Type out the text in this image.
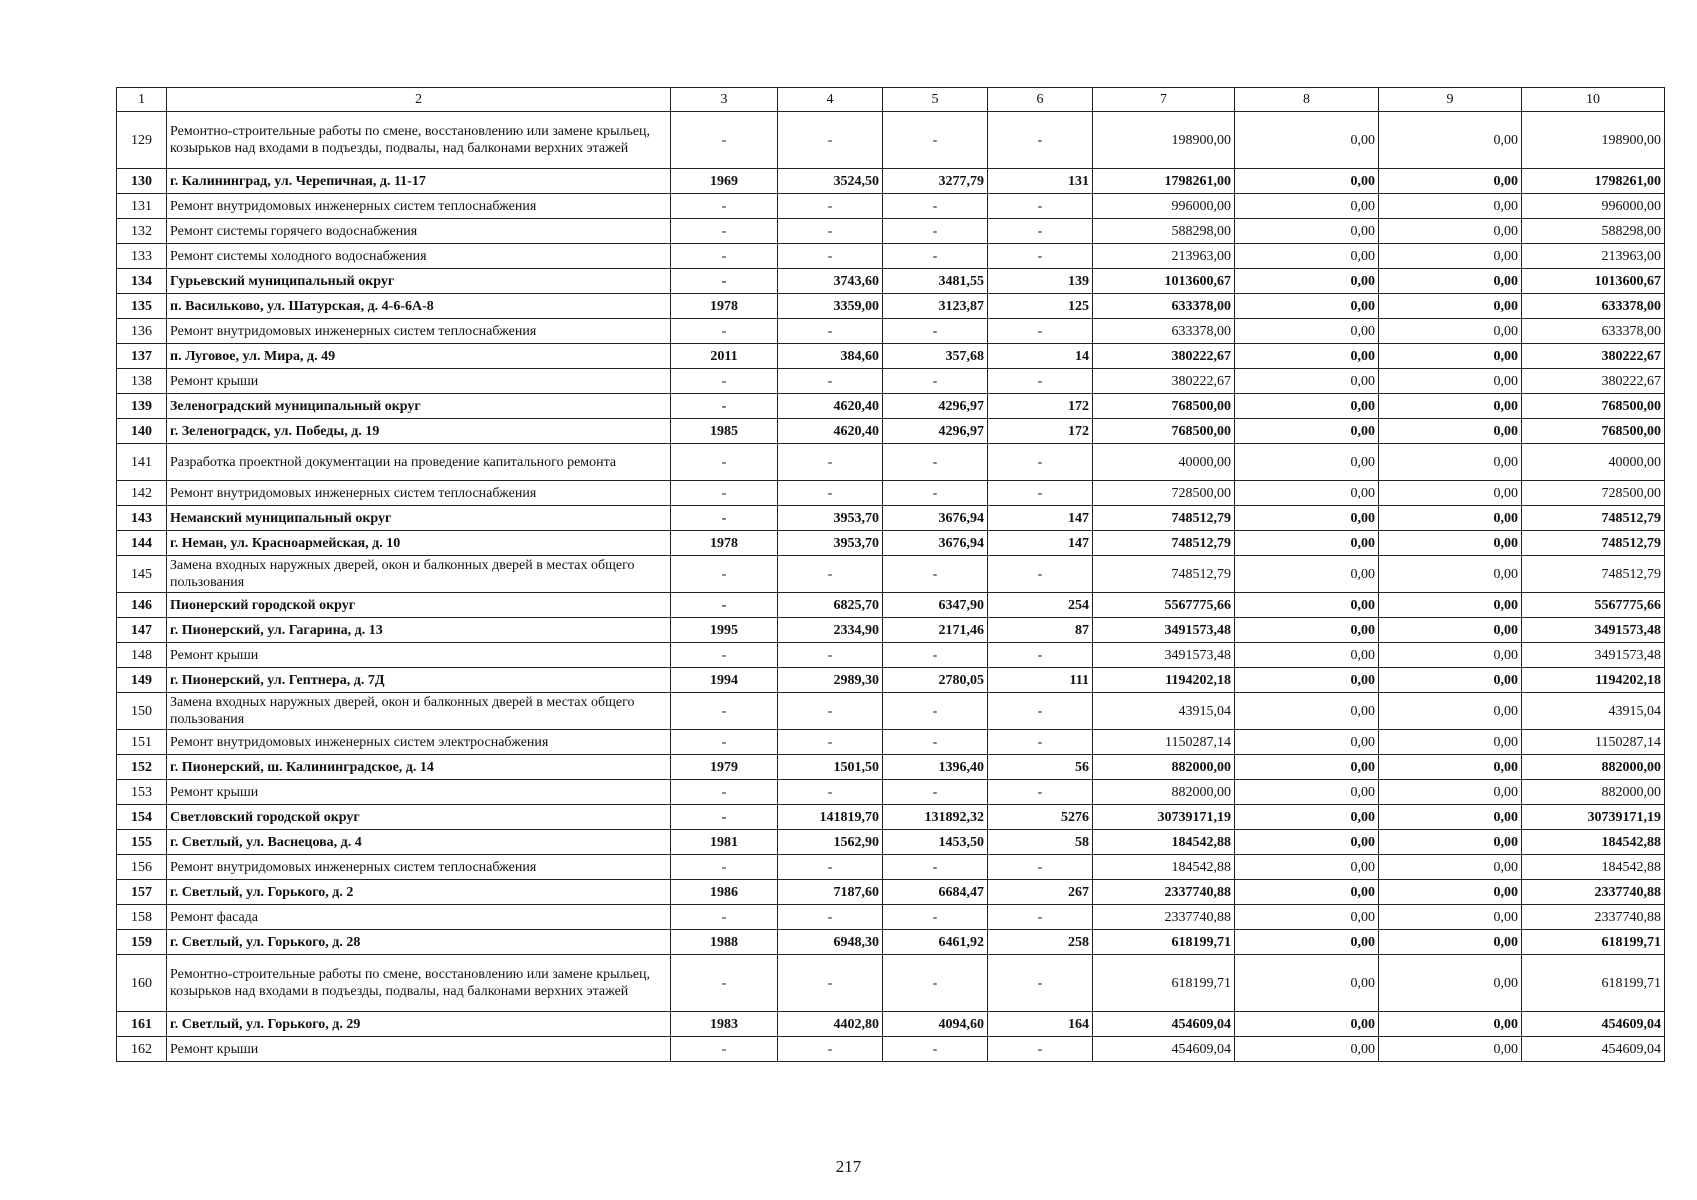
1	2	3	4	5	6	7	8	9	10
129	Ремонтно-строительные работы по смене, восстановлению или замене крыльец, козырьков над входами в подъезды, подвалы, над балконами верхних этажей	-	-	-	-	198900,00	0,00	0,00	198900,00
130	г. Калининград, ул. Черепичная, д. 11-17	1969	3524,50	3277,79	131	1798261,00	0,00	0,00	1798261,00
131	Ремонт внутридомовых инженерных систем теплоснабжения	-	-	-	-	996000,00	0,00	0,00	996000,00
132	Ремонт системы горячего водоснабжения	-	-	-	-	588298,00	0,00	0,00	588298,00
133	Ремонт системы холодного водоснабжения	-	-	-	-	213963,00	0,00	0,00	213963,00
134	Гурьевский муниципальный округ	-	3743,60	3481,55	139	1013600,67	0,00	0,00	1013600,67
135	п. Васильково, ул. Шатурская, д. 4-6-6А-8	1978	3359,00	3123,87	125	633378,00	0,00	0,00	633378,00
136	Ремонт внутридомовых инженерных систем теплоснабжения	-	-	-	-	633378,00	0,00	0,00	633378,00
137	п. Луговое, ул. Мира, д. 49	2011	384,60	357,68	14	380222,67	0,00	0,00	380222,67
138	Ремонт крыши	-	-	-	-	380222,67	0,00	0,00	380222,67
139	Зеленоградский муниципальный округ	-	4620,40	4296,97	172	768500,00	0,00	0,00	768500,00
140	г. Зеленоградск, ул. Победы, д. 19	1985	4620,40	4296,97	172	768500,00	0,00	0,00	768500,00
141	Разработка проектной документации на проведение капитального ремонта	-	-	-	-	40000,00	0,00	0,00	40000,00
142	Ремонт внутридомовых инженерных систем теплоснабжения	-	-	-	-	728500,00	0,00	0,00	728500,00
143	Неманский муниципальный округ	-	3953,70	3676,94	147	748512,79	0,00	0,00	748512,79
144	г. Неман, ул. Красноармейская, д. 10	1978	3953,70	3676,94	147	748512,79	0,00	0,00	748512,79
145	Замена входных наружных дверей, окон и балконных дверей в местах общего пользования	-	-	-	-	748512,79	0,00	0,00	748512,79
146	Пионерский городской округ	-	6825,70	6347,90	254	5567775,66	0,00	0,00	5567775,66
147	г. Пионерский, ул. Гагарина, д. 13	1995	2334,90	2171,46	87	3491573,48	0,00	0,00	3491573,48
148	Ремонт крыши	-	-	-	-	3491573,48	0,00	0,00	3491573,48
149	г. Пионерский, ул. Гептнера, д. 7Д	1994	2989,30	2780,05	111	1194202,18	0,00	0,00	1194202,18
150	Замена входных наружных дверей, окон и балконных дверей в местах общего пользования	-	-	-	-	43915,04	0,00	0,00	43915,04
151	Ремонт внутридомовых инженерных систем электроснабжения	-	-	-	-	1150287,14	0,00	0,00	1150287,14
152	г. Пионерский, ш. Калининградское, д. 14	1979	1501,50	1396,40	56	882000,00	0,00	0,00	882000,00
153	Ремонт крыши	-	-	-	-	882000,00	0,00	0,00	882000,00
154	Светловский городской округ	-	141819,70	131892,32	5276	30739171,19	0,00	0,00	30739171,19
155	г. Светлый, ул. Васнецова, д. 4	1981	1562,90	1453,50	58	184542,88	0,00	0,00	184542,88
156	Ремонт внутридомовых инженерных систем теплоснабжения	-	-	-	-	184542,88	0,00	0,00	184542,88
157	г. Светлый, ул. Горького, д. 2	1986	7187,60	6684,47	267	2337740,88	0,00	0,00	2337740,88
158	Ремонт фасада	-	-	-	-	2337740,88	0,00	0,00	2337740,88
159	г. Светлый, ул. Горького, д. 28	1988	6948,30	6461,92	258	618199,71	0,00	0,00	618199,71
160	Ремонтно-строительные работы по смене, восстановлению или замене крыльец, козырьков над входами в подъезды, подвалы, над балконами верхних этажей	-	-	-	-	618199,71	0,00	0,00	618199,71
161	г. Светлый, ул. Горького, д. 29	1983	4402,80	4094,60	164	454609,04	0,00	0,00	454609,04
162	Ремонт крыши	-	-	-	-	454609,04	0,00	0,00	454609,04
217
